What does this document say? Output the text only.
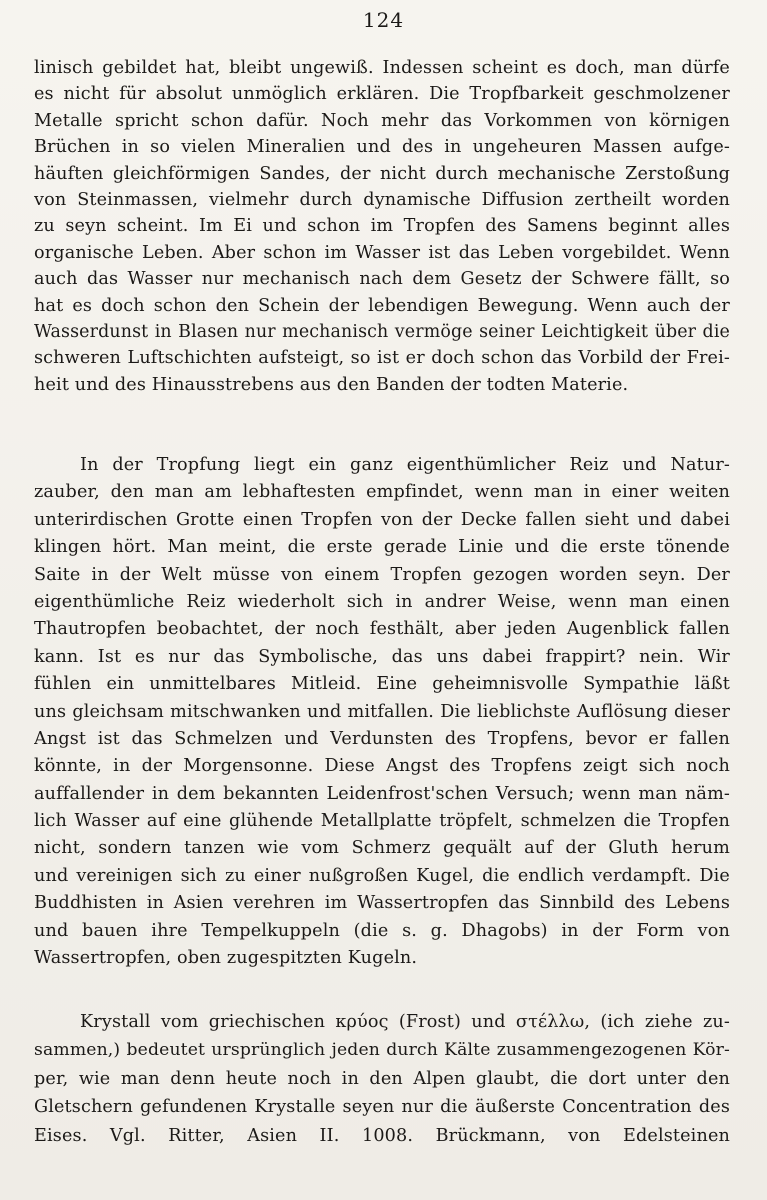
124
linisch gebildet hat, bleibt ungewiß. Indessen scheint es doch, man dürfe
es nicht für absolut unmöglich erklären. Die Tropfbarkeit geschmolzener
Metalle spricht schon dafür. Noch mehr das Vorkommen von körnigen
Brüchen in so vielen Mineralien und des in ungeheuren Massen aufge-
häuften gleichförmigen Sandes, der nicht durch mechanische Zerstoßung
von Steinmassen, vielmehr durch dynamische Diffusion zertheilt worden
zu seyn scheint. Im Ei und schon im Tropfen des Samens beginnt alles
organische Leben. Aber schon im Wasser ist das Leben vorgebildet. Wenn
auch das Wasser nur mechanisch nach dem Gesetz der Schwere fällt, so
hat es doch schon den Schein der lebendigen Bewegung. Wenn auch der
Wasserdunst in Blasen nur mechanisch vermöge seiner Leichtigkeit über die
schweren Luftschichten aufsteigt, so ist er doch schon das Vorbild der Frei-
heit und des Hinausstrebens aus den Banden der todten Materie.
In der Tropfung liegt ein ganz eigenthümlicher Reiz und Natur-
zauber, den man am lebhaftesten empfindet, wenn man in einer weiten
unterirdischen Grotte einen Tropfen von der Decke fallen sieht und dabei
klingen hört. Man meint, die erste gerade Linie und die erste tönende
Saite in der Welt müsse von einem Tropfen gezogen worden seyn. Der
eigenthümliche Reiz wiederholt sich in andrer Weise, wenn man einen
Thautropfen beobachtet, der noch festhält, aber jeden Augenblick fallen
kann. Ist es nur das Symbolische, das uns dabei frappirt? nein. Wir
fühlen ein unmittelbares Mitleid. Eine geheimnisvolle Sympathie läßt
uns gleichsam mitschwanken und mitfallen. Die lieblichste Auflösung dieser
Angst ist das Schmelzen und Verdunsten des Tropfens, bevor er fallen
könnte, in der Morgensonne. Diese Angst des Tropfens zeigt sich noch
auffallender in dem bekannten Leidenfrost'schen Versuch; wenn man näm-
lich Wasser auf eine glühende Metallplatte tröpfelt, schmelzen die Tropfen
nicht, sondern tanzen wie vom Schmerz gequält auf der Gluth herum
und vereinigen sich zu einer nußgroßen Kugel, die endlich verdampft. Die
Buddhisten in Asien verehren im Wassertropfen das Sinnbild des Lebens
und bauen ihre Tempelkuppeln (die s. g. Dhagobs) in der Form von
Wassertropfen, oben zugespitzten Kugeln.
Krystall vom griechischen κρύος (Frost) und στέλλω, (ich ziehe zu-
sammen,) bedeutet ursprünglich jeden durch Kälte zusammengezogenen Kör-
per, wie man denn heute noch in den Alpen glaubt, die dort unter den
Gletschern gefundenen Krystalle seyen nur die äußerste Concentration des
Eises. Vgl. Ritter, Asien II. 1008. Brückmann, von Edelsteinen
